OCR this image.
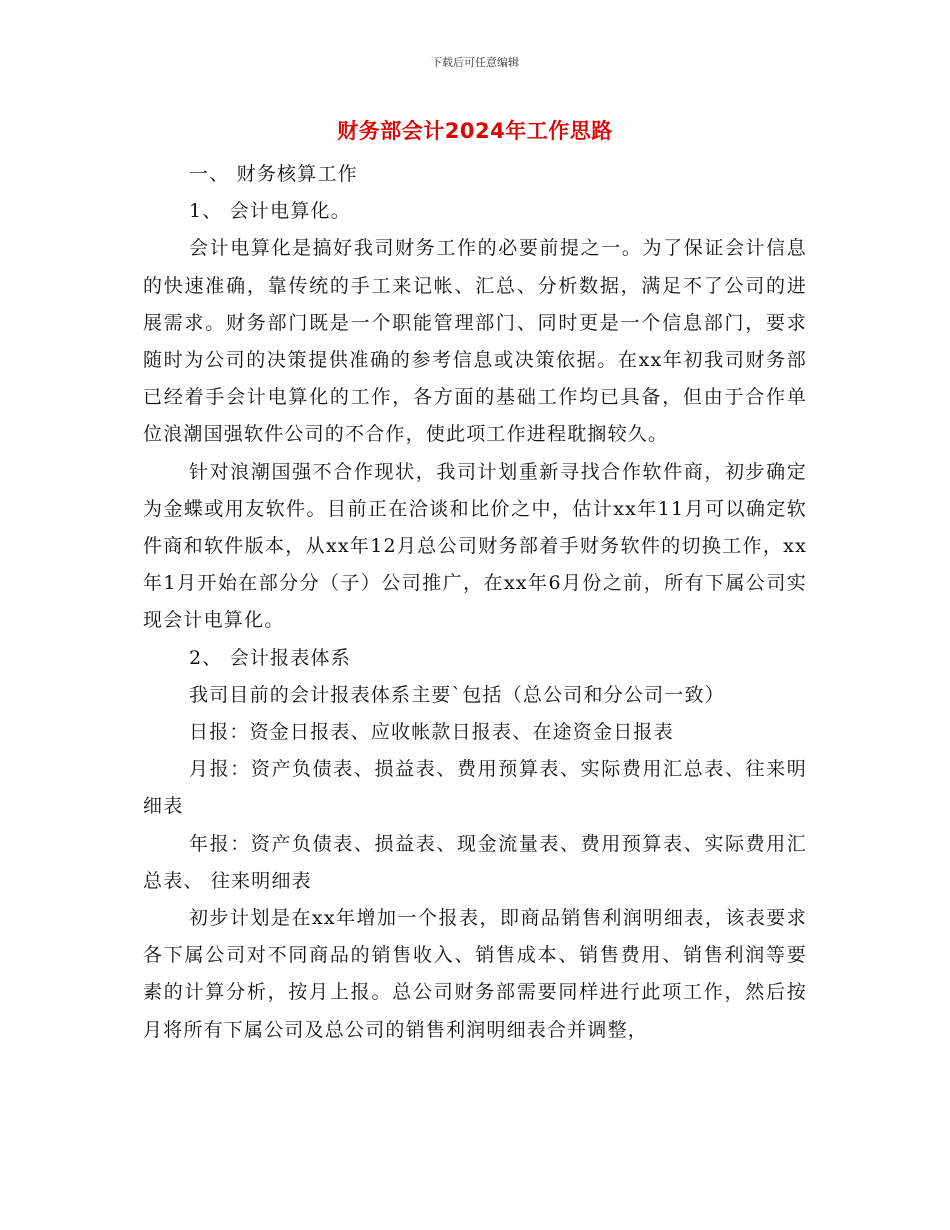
下载后可任意编辑
财务部会计2024年工作思路

一、 财务核算工作

1、 会计电算化。

会计电算化是搞好我司财务工作的必要前提之一。为了保证会计信息的快速准确，靠传统的手工来记帐、汇总、分析数据，满足不了公司的进展需求。财务部门既是一个职能管理部门、同时更是一个信息部门，要求随时为公司的决策提供准确的参考信息或决策依据。在xx年初我司财务部已经着手会计电算化的工作，各方面的基础工作均已具备，但由于合作单位浪潮国强软件公司的不合作，使此项工作进程耽搁较久。

针对浪潮国强不合作现状，我司计划重新寻找合作软件商，初步确定为金蝶或用友软件。目前正在洽谈和比价之中，估计xx年11月可以确定软件商和软件版本，从xx年12月总公司财务部着手财务软件的切换工作，xx年1月开始在部分分（子）公司推广，在xx年6月份之前，所有下属公司实现会计电算化。

2、 会计报表体系

我司目前的会计报表体系主要`包括（总公司和分公司一致）

日报：资金日报表、应收帐款日报表、在途资金日报表

月报：资产负债表、损益表、费用预算表、实际费用汇总表、往来明细表

年报：资产负债表、损益表、现金流量表、费用预算表、实际费用汇总表、 往来明细表

初步计划是在xx年增加一个报表，即商品销售利润明细表，该表要求各下属公司对不同商品的销售收入、销售成本、销售费用、销售利润等要素的计算分析，按月上报。总公司财务部需要同样进行此项工作，然后按月将所有下属公司及总公司的销售利润明细表合并调整，
